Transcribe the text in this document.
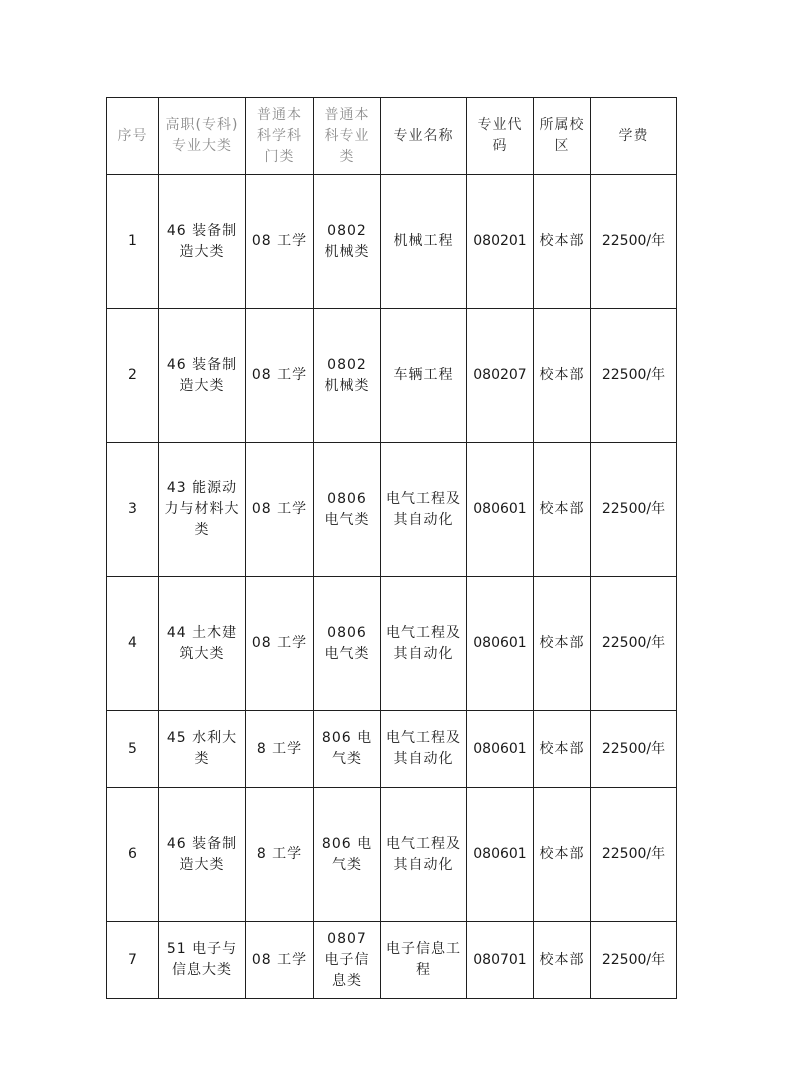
序号	高职(专科)专业大类	普通本科学科门类	普通本科专业类	专业名称	专业代码	所属校区	学费
1	46 装备制造大类	08 工学	0802 机械类	机械工程	080201	校本部	22500/年
2	46 装备制造大类	08 工学	0802 机械类	车辆工程	080207	校本部	22500/年
3	43 能源动力与材料大类	08 工学	0806 电气类	电气工程及其自动化	080601	校本部	22500/年
4	44 土木建筑大类	08 工学	0806 电气类	电气工程及其自动化	080601	校本部	22500/年
5	45 水利大类	8 工学	806 电气类	电气工程及其自动化	080601	校本部	22500/年
6	46 装备制造大类	8 工学	806 电气类	电气工程及其自动化	080601	校本部	22500/年
7	51 电子与信息大类	08 工学	0807 电子信息类	电子信息工程	080701	校本部	22500/年
